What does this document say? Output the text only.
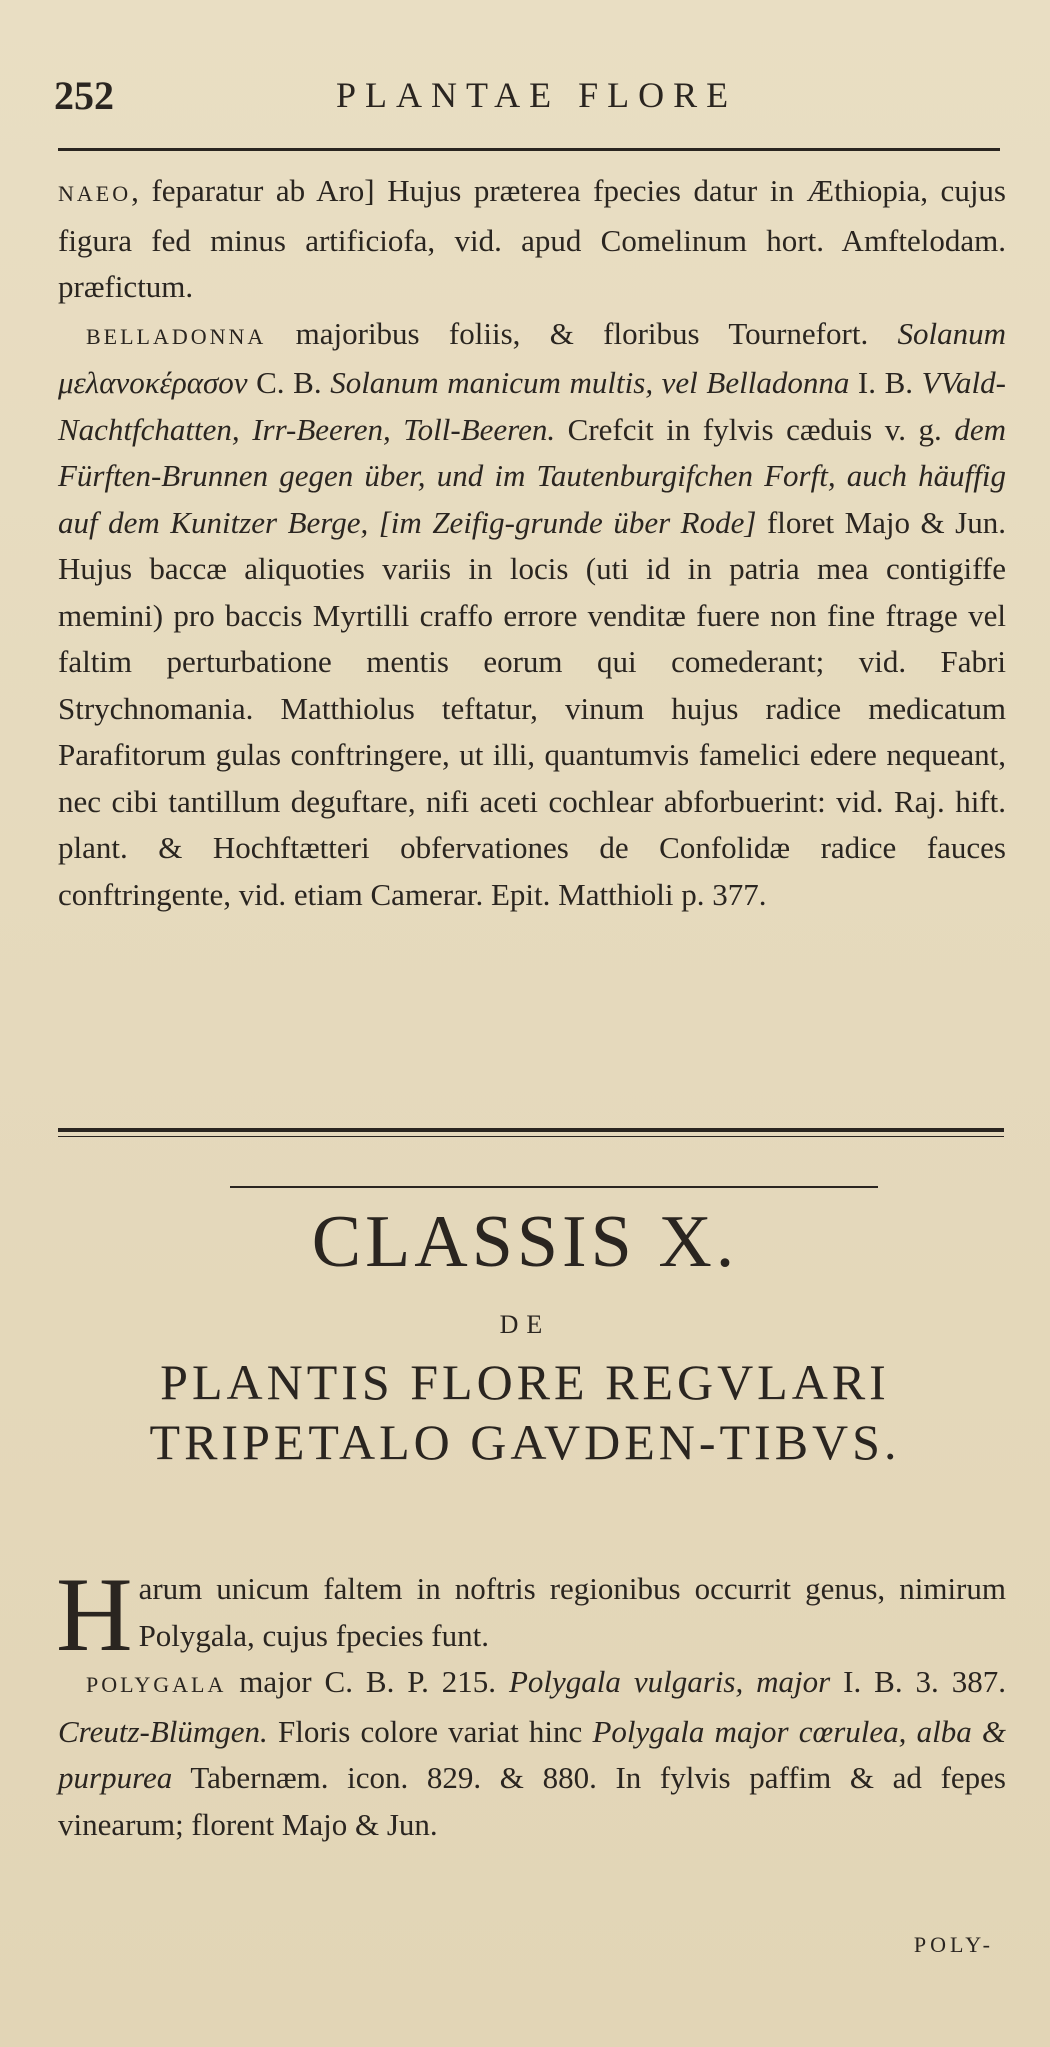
252	PLANTAE FLORE

NAEO, feparatur ab Aro] Hujus præterea fpecies datur in Æthiopia, cujus figura fed minus artificiofa, vid. apud Comelinum hort. Amftelodam. præfictum.

BELLADONNA majoribus foliis, & floribus Tournefort. Solanum μελανοκέρασον C. B. Solanum manicum multis, vel Belladonna I. B. VVald-Nachtfchatten, Irr-Beeren, Toll-Beeren. Crefcit in fylvis cæduis v. g. dem Fürften-Brunnen gegen über, und im Tautenburgifchen Forft, auch häuffig auf dem Kunitzer Berge, [im Zeifig-grunde über Rode] floret Majo & Jun. Hujus baccæ aliquoties variis in locis (uti id in patria mea contigiffe memini) pro baccis Myrtilli craffo errore venditæ fuere non fine ftrage vel faltim perturbatione mentis eorum qui comederant; vid. Fabri Strychnomania. Matthiolus teftatur, vinum hujus radice medicatum Parafitorum gulas conftringere, ut illi, quantumvis famelici edere nequeant, nec cibi tantillum deguftare, nifi aceti cochlear abforbuerint: vid. Raj. hift. plant. & Hochftætteri obfervationes de Confolidæ radice fauces conftringente, vid. etiam Camerar. Epit. Matthioli p. 377.

CLASSIS X.
DE
PLANTIS FLORE REGVLARI TRIPETALO GAVDEN-TIBVS.

Harum unicum faltem in noftris regionibus occurrit genus, nimirum Polygala, cujus fpecies funt.

POLYGALA major C. B. P. 215. Polygala vulgaris, major I. B. 3. 387. Creutz-Blümgen. Floris colore variat hinc Polygala major cœrulea, alba & purpurea Tabernæm. icon. 829. & 880. In fylvis paffim & ad fepes vinearum; florent Majo & Jun.

POLY-
